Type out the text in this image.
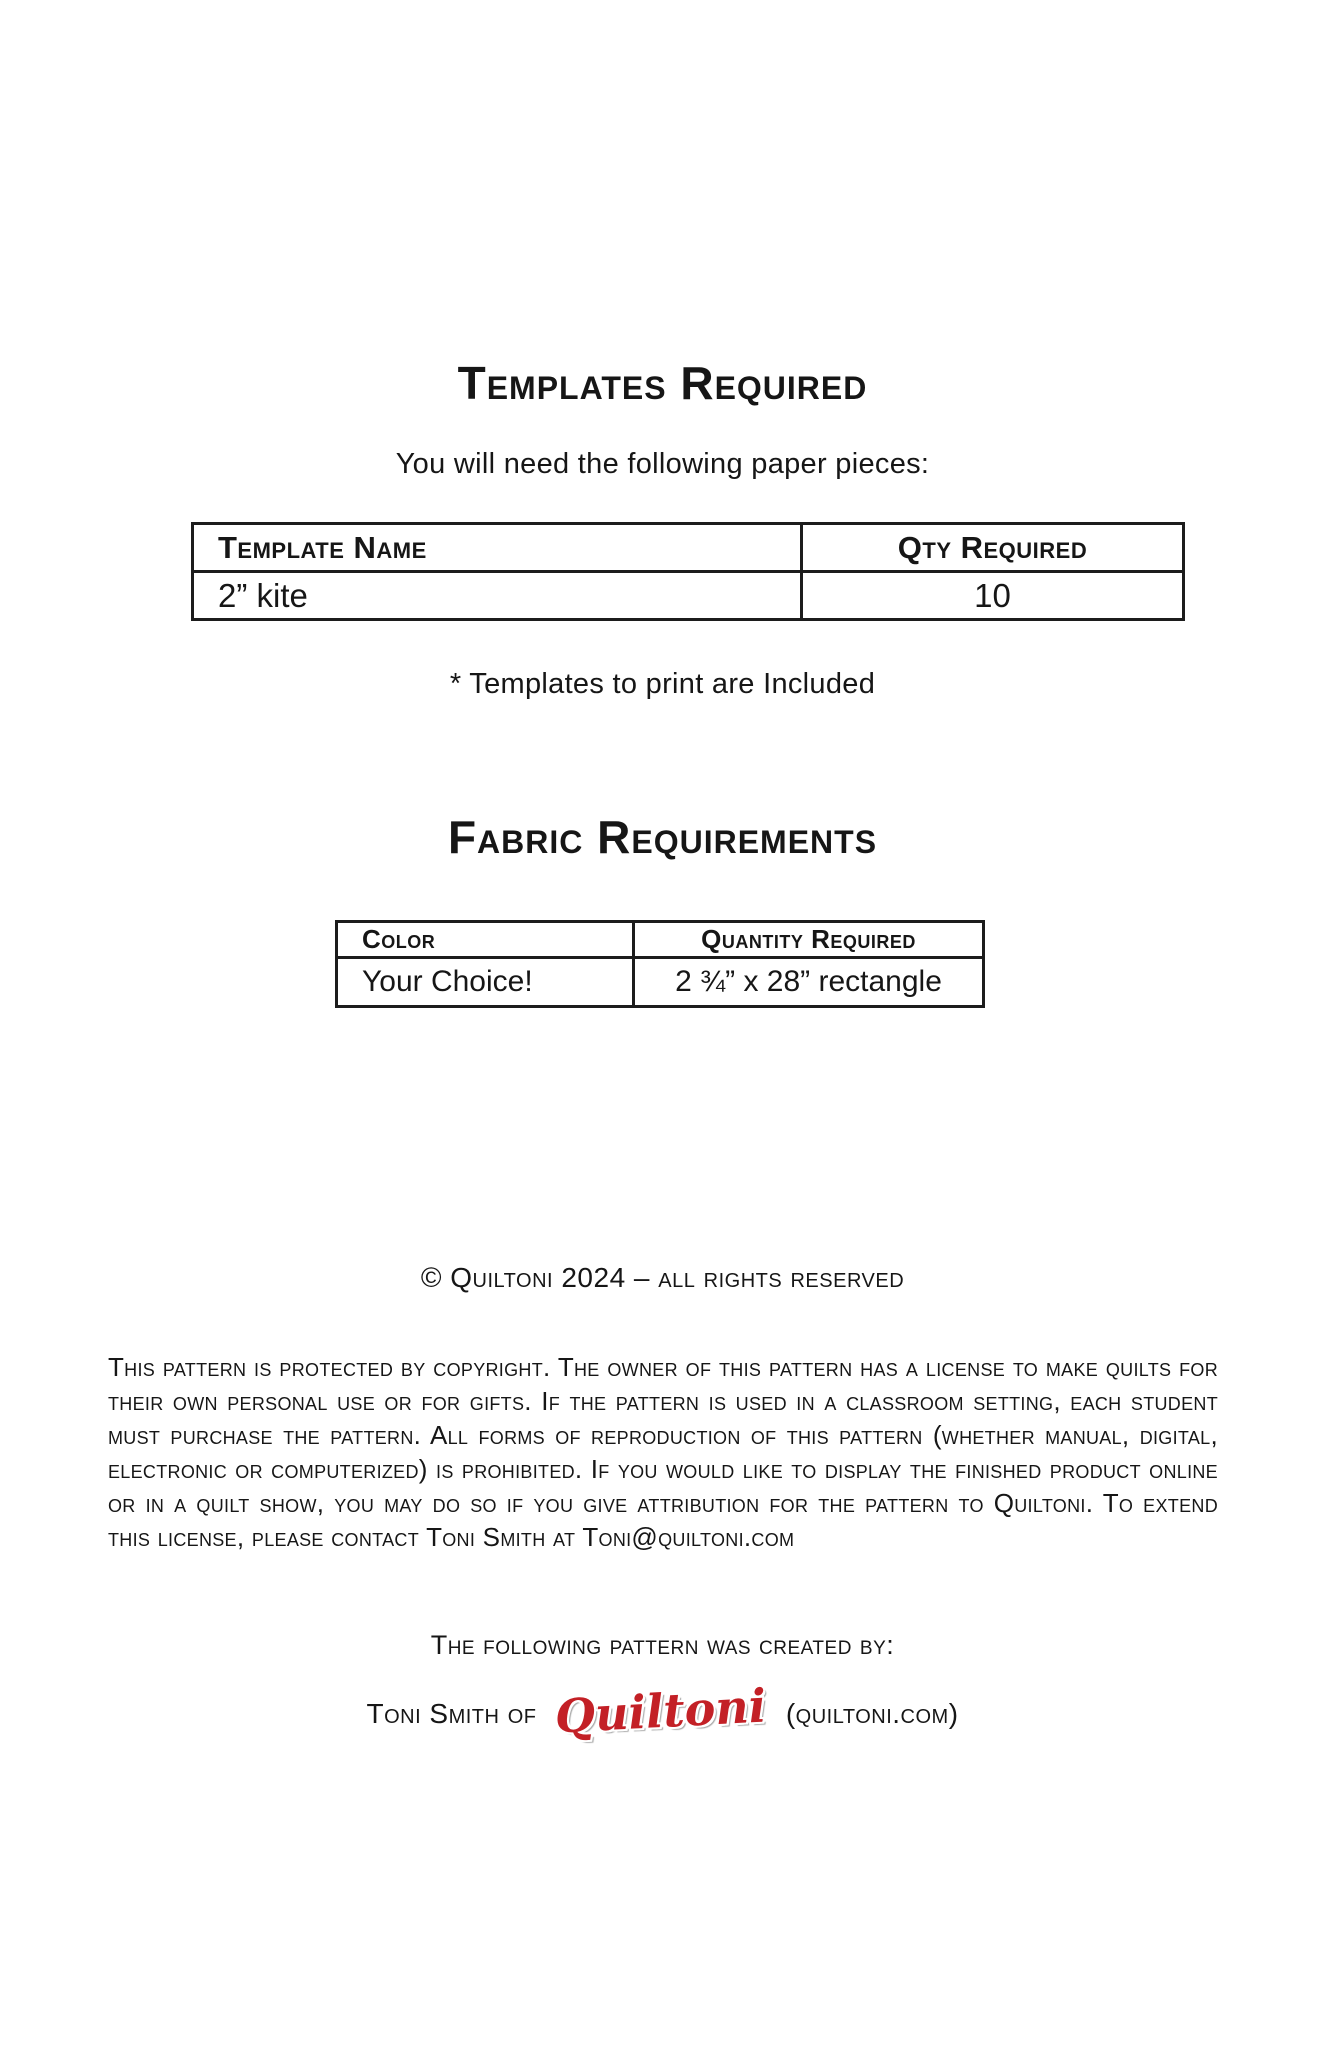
Templates Required
You will need the following paper pieces:
Template Name	Qty Required
2” kite	10
* Templates to print are Included
Fabric Requirements
Color	Quantity Required
Your Choice!	2 ¾” x 28” rectangle
© Quiltoni 2024 – all rights reserved
This pattern is protected by copyright. The owner of this pattern has a license to make quilts for their own personal use or for gifts. If the pattern is used in a classroom setting, each student must purchase the pattern. All forms of reproduction of this pattern (whether manual, digital, electronic or computerized) is prohibited. If you would like to display the finished product online or in a quilt show, you may do so if you give attribution for the pattern to Quiltoni. To extend this license, please contact Toni Smith at Toni@quiltoni.com
The following pattern was created by:
Toni Smith of Quiltoni (quiltoni.com)
